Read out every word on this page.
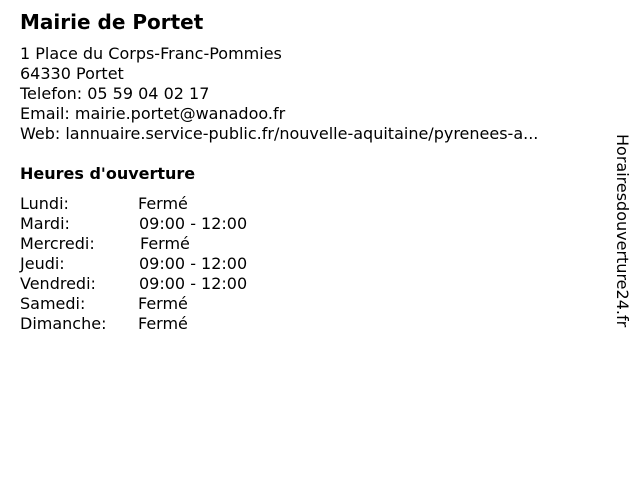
Mairie de Portet
1 Place du Corps-Franc-Pommies
64330 Portet
Telefon: 05 59 04 02 17
Email: mairie.portet@wanadoo.fr
Web: lannuaire.service-public.fr/nouvelle-aquitaine/pyrenees-a...
Heures d'ouverture
Lundi:	Fermé
Mardi:	09:00 - 12:00
Mercredi:	Fermé
Jeudi:	09:00 - 12:00
Vendredi:	09:00 - 12:00
Samedi:	Fermé
Dimanche: Fermé	Horairesdouverture24.fr
